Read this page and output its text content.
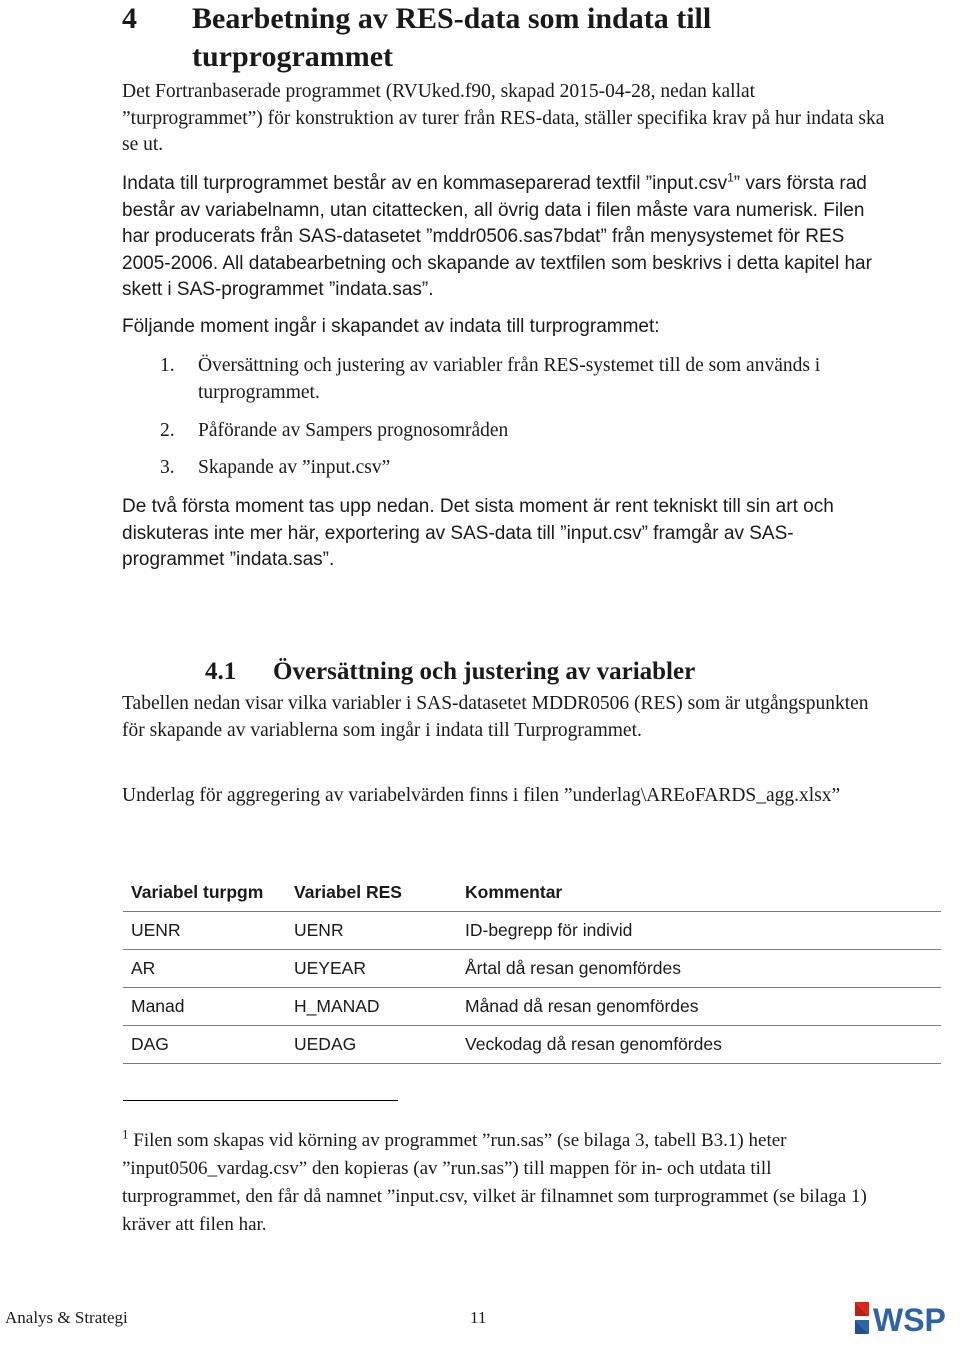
4 Bearbetning av RES-data som indata till turprogrammet
Det Fortranbaserade programmet (RVUked.f90, skapad 2015-04-28, nedan kallat ”turprogrammet”) för konstruktion av turer från RES-data, ställer specifika krav på hur indata ska se ut.
Indata till turprogrammet består av en kommaseparerad textfil ”input.csv$^1$” vars första rad består av variabelnamn, utan citattecken, all övrig data i filen måste vara numerisk. Filen har producerats från SAS-datasetet ”mddr0506.sas7bdat” från menysystemet för RES 2005-2006. All databearbetning och skapande av textfilen som beskrivs i detta kapitel har skett i SAS-programmet ”indata.sas”.
Följande moment ingår i skapandet av indata till turprogrammet:
1. Översättning och justering av variabler från RES-systemet till de som används i turprogrammet.
2. Påförande av Sampers prognosområden
3. Skapande av ”input.csv”
De två första moment tas upp nedan. Det sista moment är rent tekniskt till sin art och diskuteras inte mer här, exportering av SAS-data till ”input.csv” framgår av SAS-programmet ”indata.sas”.
4.1 Översättning och justering av variabler
Tabellen nedan visar vilka variabler i SAS-datasetet MDDR0506 (RES) som är utgångspunkten för skapande av variablerna som ingår i indata till Turprogrammet.
Underlag för aggregering av variabelvärden finns i filen ”underlag\AREoFARDS_agg.xlsx”
Variabel turpgm	Variabel RES	Kommentar
UENR	UENR	ID-begrepp för individ
AR	UEYEAR	Årtal då resan genomfördes
Manad	H_MANAD	Månad då resan genomfördes
DAG	UEDAG	Veckodag då resan genomfördes
$^1$ Filen som skapas vid körning av programmet ”run.sas” (se bilaga 3, tabell B3.1) heter ”input0506_vardag.csv” den kopieras (av ”run.sas”) till mappen för in- och utdata till turprogrammet, den får då namnet ”input.csv, vilket är filnamnet som turprogrammet (se bilaga 1) kräver att filen har.
Analys & Strategi	11	WSP
